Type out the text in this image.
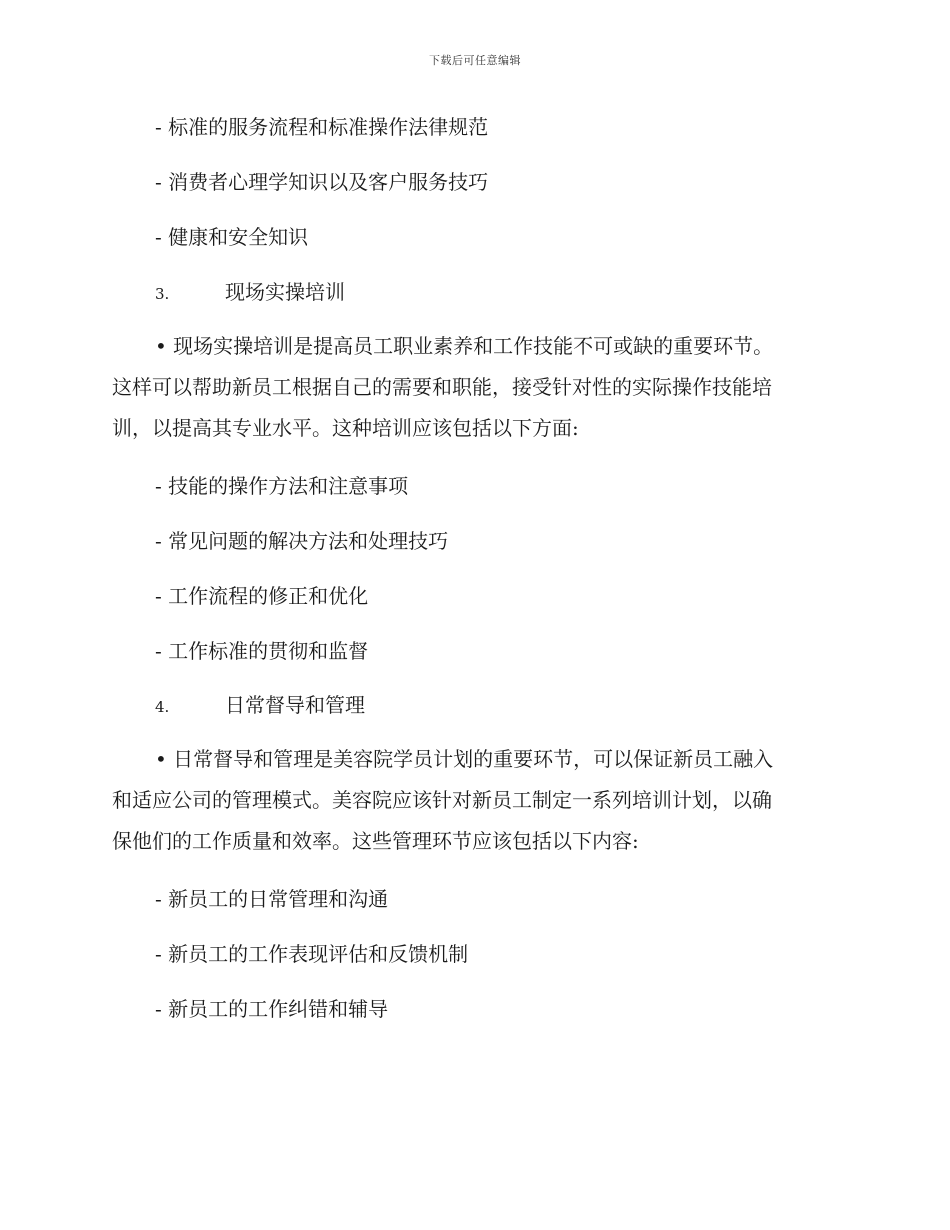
下载后可任意编辑
- 标准的服务流程和标准操作法律规范
- 消费者心理学知识以及客户服务技巧
- 健康和安全知识
3.	现场实操培训
• 现场实操培训是提高员工职业素养和工作技能不可或缺的重要环节。
这样可以帮助新员工根据自己的需要和职能，接受针对性的实际操作技能培
训，以提高其专业水平。这种培训应该包括以下方面:
- 技能的操作方法和注意事项
- 常见问题的解决方法和处理技巧
- 工作流程的修正和优化
- 工作标准的贯彻和监督
4.	日常督导和管理
• 日常督导和管理是美容院学员计划的重要环节，可以保证新员工融入
和适应公司的管理模式。美容院应该针对新员工制定一系列培训计划，以确
保他们的工作质量和效率。这些管理环节应该包括以下内容:
- 新员工的日常管理和沟通
- 新员工的工作表现评估和反馈机制
- 新员工的工作纠错和辅导
